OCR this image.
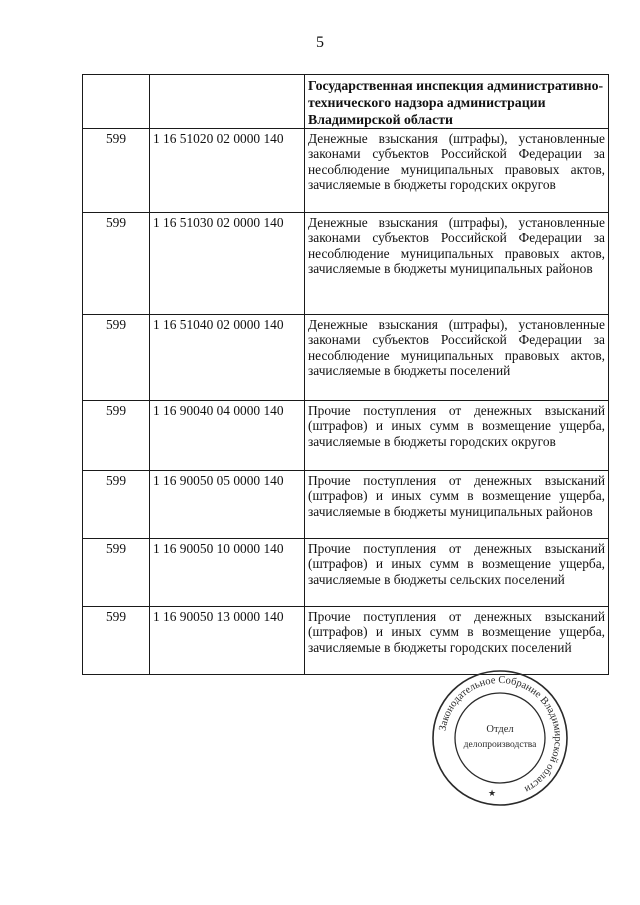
5
		Государственная инспекция административно-технического надзора администрации Владимирской области
599	1 16 51020 02 0000 140	Денежные взыскания (штрафы), установленные законами субъектов Российской Федерации за несоблюдение муниципальных правовых актов, зачисляемые в бюджеты городских округов
599	1 16 51030 02 0000 140	Денежные взыскания (штрафы), установленные законами субъектов Российской Федерации за несоблюдение муниципальных правовых актов, зачисляемые в бюджеты муниципальных районов
599	1 16 51040 02 0000 140	Денежные взыскания (штрафы), установленные законами субъектов Российской Федерации за несоблюдение муниципальных правовых актов, зачисляемые в бюджеты поселений
599	1 16 90040 04 0000 140	Прочие поступления от денежных взысканий (штрафов) и иных сумм в возмещение ущерба, зачисляемые в бюджеты городских округов
599	1 16 90050 05 0000 140	Прочие поступления от денежных взысканий (штрафов) и иных сумм в возмещение ущерба, зачисляемые в бюджеты муниципальных районов
599	1 16 90050 10 0000 140	Прочие поступления от денежных взысканий (штрафов) и иных сумм в возмещение ущерба, зачисляемые в бюджеты сельских поселений
599	1 16 90050 13 0000 140	Прочие поступления от денежных взысканий (штрафов) и иных сумм в возмещение ущерба, зачисляемые в бюджеты городских поселений
Законодательное Собрание Владимирской области
★
Отдел
делопроизводства
